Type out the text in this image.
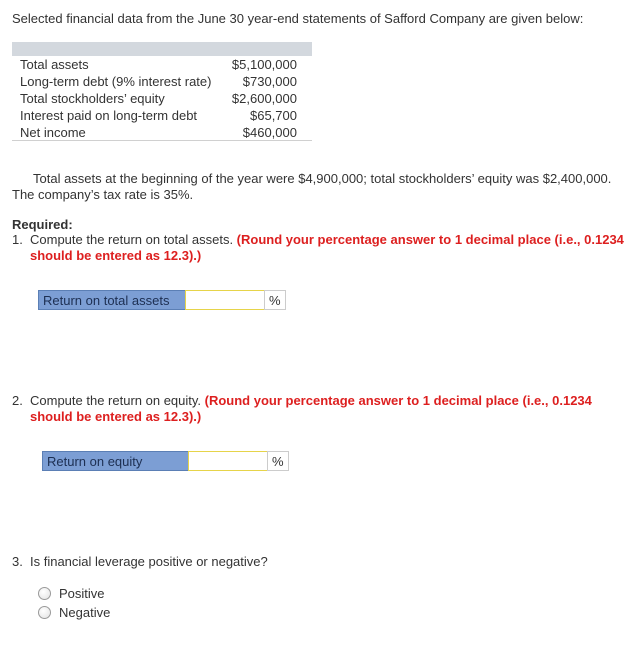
Selected financial data from the June 30 year-end statements of Safford Company are given below:
Total assets	$5,100,000
Long-term debt (9% interest rate) $730,000
Total stockholders’ equity	$2,600,000
Interest paid on long-term debt	$65,700
Net income	$460,000
Total assets at the beginning of the year were $4,900,000; total stockholders’ equity was $2,400,000.
The company’s tax rate is 35%.
Required:
1. Compute the return on total assets. (Round your percentage answer to 1 decimal place (i.e., 0.1234 should be entered as 12.3).)
Return on total assets	%
2. Compute the return on equity. (Round your percentage answer to 1 decimal place (i.e., 0.1234 should be entered as 12.3).)
Return on equity	%
3. Is financial leverage positive or negative?
Positive
Negative
